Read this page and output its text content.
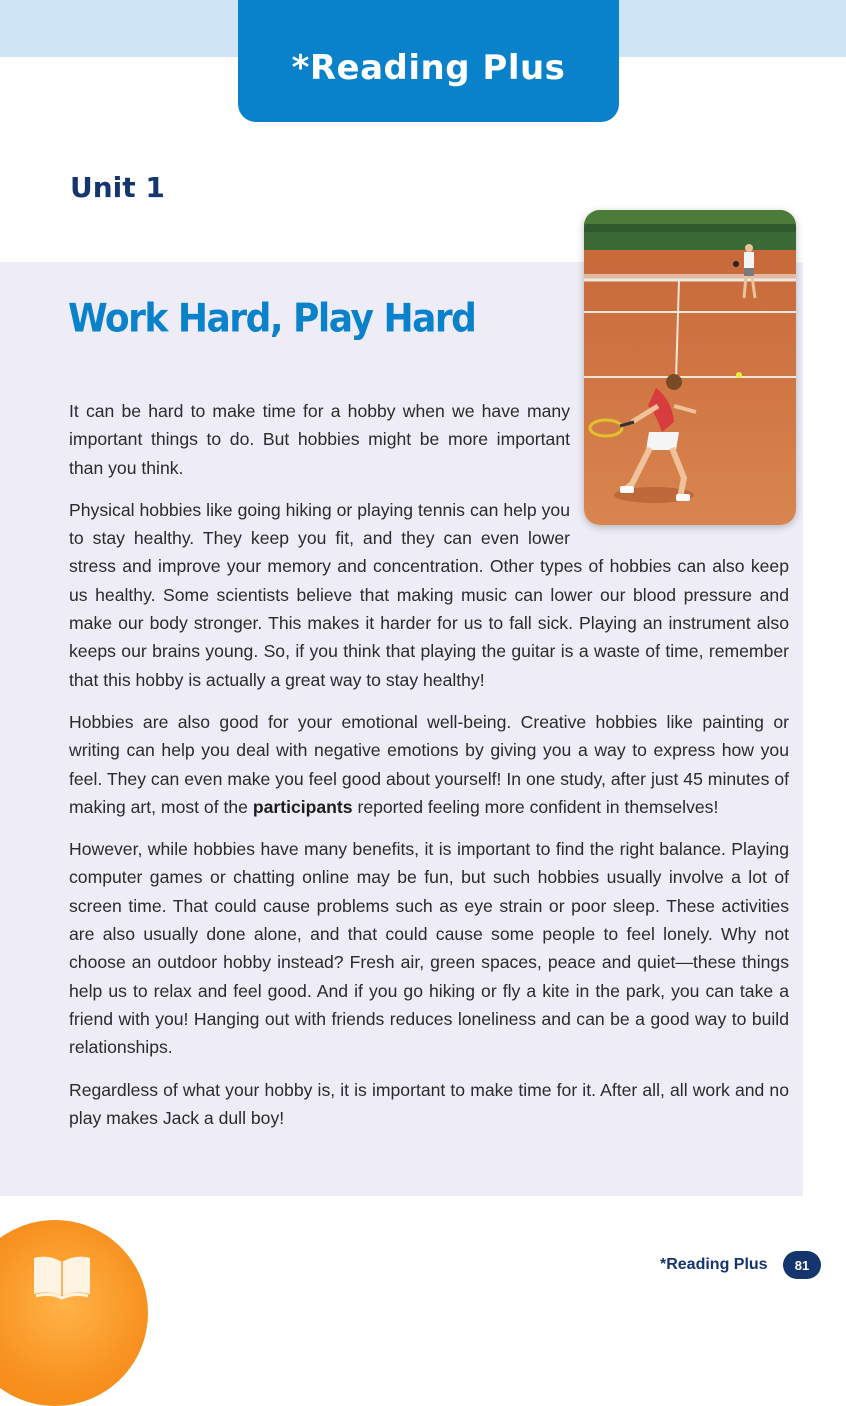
*Reading Plus
Unit 1
Work Hard, Play Hard

It can be hard to make time for a hobby when we have many important things to do. But hobbies might be more important than you think.

Physical hobbies like going hiking or playing tennis can help you to stay healthy. They keep you fit, and they can even lower stress and improve your memory and concentration. Other types of hobbies can also keep us healthy. Some scientists believe that making music can lower our blood pressure and make our body stronger. This makes it harder for us to fall sick. Playing an instrument also keeps our brains young. So, if you think that playing the guitar is a waste of time, remember that this hobby is actually a great way to stay healthy!

Hobbies are also good for your emotional well-being. Creative hobbies like painting or writing can help you deal with negative emotions by giving you a way to express how you feel. They can even make you feel good about yourself! In one study, after just 45 minutes of making art, most of the participants reported feeling more confident in themselves!

However, while hobbies have many benefits, it is important to find the right balance. Playing computer games or chatting online may be fun, but such hobbies usually involve a lot of screen time. That could cause problems such as eye strain or poor sleep. These activities are also usually done alone, and that could cause some people to feel lonely. Why not choose an outdoor hobby instead? Fresh air, green spaces, peace and quiet—these things help us to relax and feel good. And if you go hiking or fly a kite in the park, you can take a friend with you! Hanging out with friends reduces loneliness and can be a good way to build relationships.

Regardless of what your hobby is, it is important to make time for it. After all, all work and no play makes Jack a dull boy!

*Reading Plus	81
